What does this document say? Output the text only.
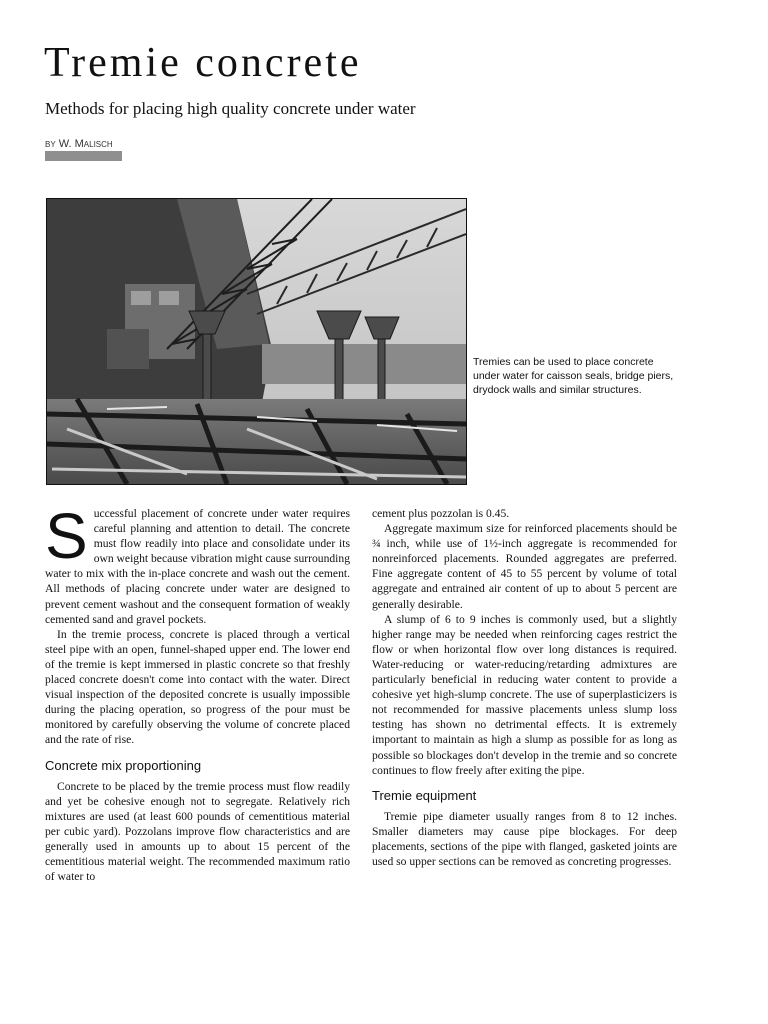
Tremie concrete

Methods for placing high quality concrete under water

BY W. MALISCH

Tremies can be used to place concrete under water for caisson seals, bridge piers, drydock walls and similar structures.

Successful placement of concrete under water requires careful planning and attention to detail. The concrete must flow readily into place and consolidate under its own weight because vibration might cause surrounding water to mix with the in-place concrete and wash out the cement. All methods of placing concrete under water are designed to prevent cement washout and the consequent formation of weakly cemented sand and gravel pockets.

In the tremie process, concrete is placed through a vertical steel pipe with an open, funnel-shaped upper end. The lower end of the tremie is kept immersed in plastic concrete so that freshly placed concrete doesn't come into contact with the water. Direct visual inspection of the deposited concrete is usually impossible during the placing operation, so progress of the pour must be monitored by carefully observing the volume of concrete placed and the rate of rise.

Concrete mix proportioning

Concrete to be placed by the tremie process must flow readily and yet be cohesive enough not to segregate. Relatively rich mixtures are used (at least 600 pounds of cementitious material per cubic yard). Pozzolans improve flow characteristics and are generally used in amounts up to about 15 percent of the cementitious material weight. The recommended maximum ratio of water to

cement plus pozzolan is 0.45.

Aggregate maximum size for reinforced placements should be ¾ inch, while use of 1½-inch aggregate is recommended for nonreinforced placements. Rounded aggregates are preferred. Fine aggregate content of 45 to 55 percent by volume of total aggregate and entrained air content of up to about 5 percent are generally desirable.

A slump of 6 to 9 inches is commonly used, but a slightly higher range may be needed when reinforcing cages restrict the flow or when horizontal flow over long distances is required. Water-reducing or water-reducing/retarding admixtures are particularly beneficial in reducing water content to provide a cohesive yet high-slump concrete. The use of superplasticizers is not recommended for massive placements unless slump loss testing has shown no detrimental effects. It is extremely important to maintain as high a slump as possible for as long as possible so blockages don't develop in the tremie and so concrete continues to flow freely after exiting the pipe.

Tremie equipment

Tremie pipe diameter usually ranges from 8 to 12 inches. Smaller diameters may cause pipe blockages. For deep placements, sections of the pipe with flanged, gasketed joints are used so upper sections can be removed as concreting progresses.
